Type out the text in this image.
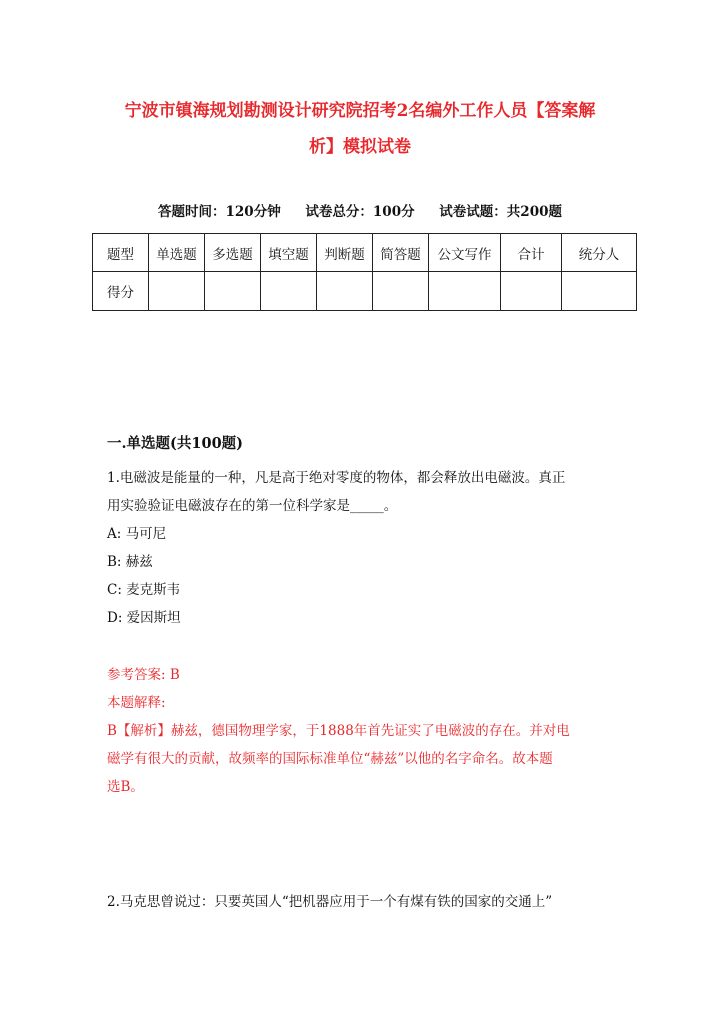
宁波市镇海规划勘测设计研究院招考2名编外工作人员【答案解
析】模拟试卷
答题时间：120分钟 试卷总分：100分 试卷试题：共200题
题型	单选题	多选题	填空题	判断题	简答题	公文写作	合计	统分人
得分								
一.单选题(共100题)
1.电磁波是能量的一种，凡是高于绝对零度的物体，都会释放出电磁波。真正
用实验验证电磁波存在的第一位科学家是_____。
A: 马可尼
B: 赫兹
C: 麦克斯韦
D: 爱因斯坦
参考答案: B
本题解释:
B【解析】赫兹，德国物理学家，于1888年首先证实了电磁波的存在。并对电
磁学有很大的贡献，故频率的国际标准单位“赫兹”以他的名字命名。故本题
选B。
2.马克思曾说过：只要英国人“把机器应用于一个有煤有铁的国家的交通上”
